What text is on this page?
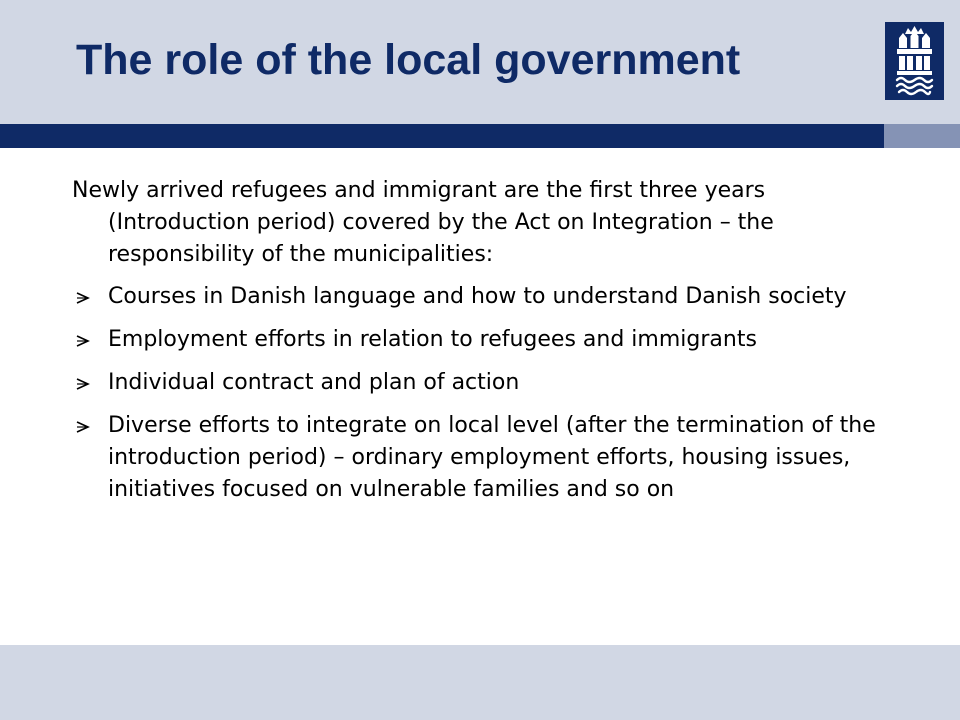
The role of the local government
Newly arrived refugees and immigrant are the first three years (Introduction period) covered by the Act on Integration – the responsibility of the municipalities:
Courses in Danish language and how to understand Danish society
Employment efforts in relation to refugees and immigrants
Individual contract and plan of action
Diverse efforts to integrate on local level (after the termination of the introduction period) – ordinary employment efforts, housing issues, initiatives focused on vulnerable families and so on
